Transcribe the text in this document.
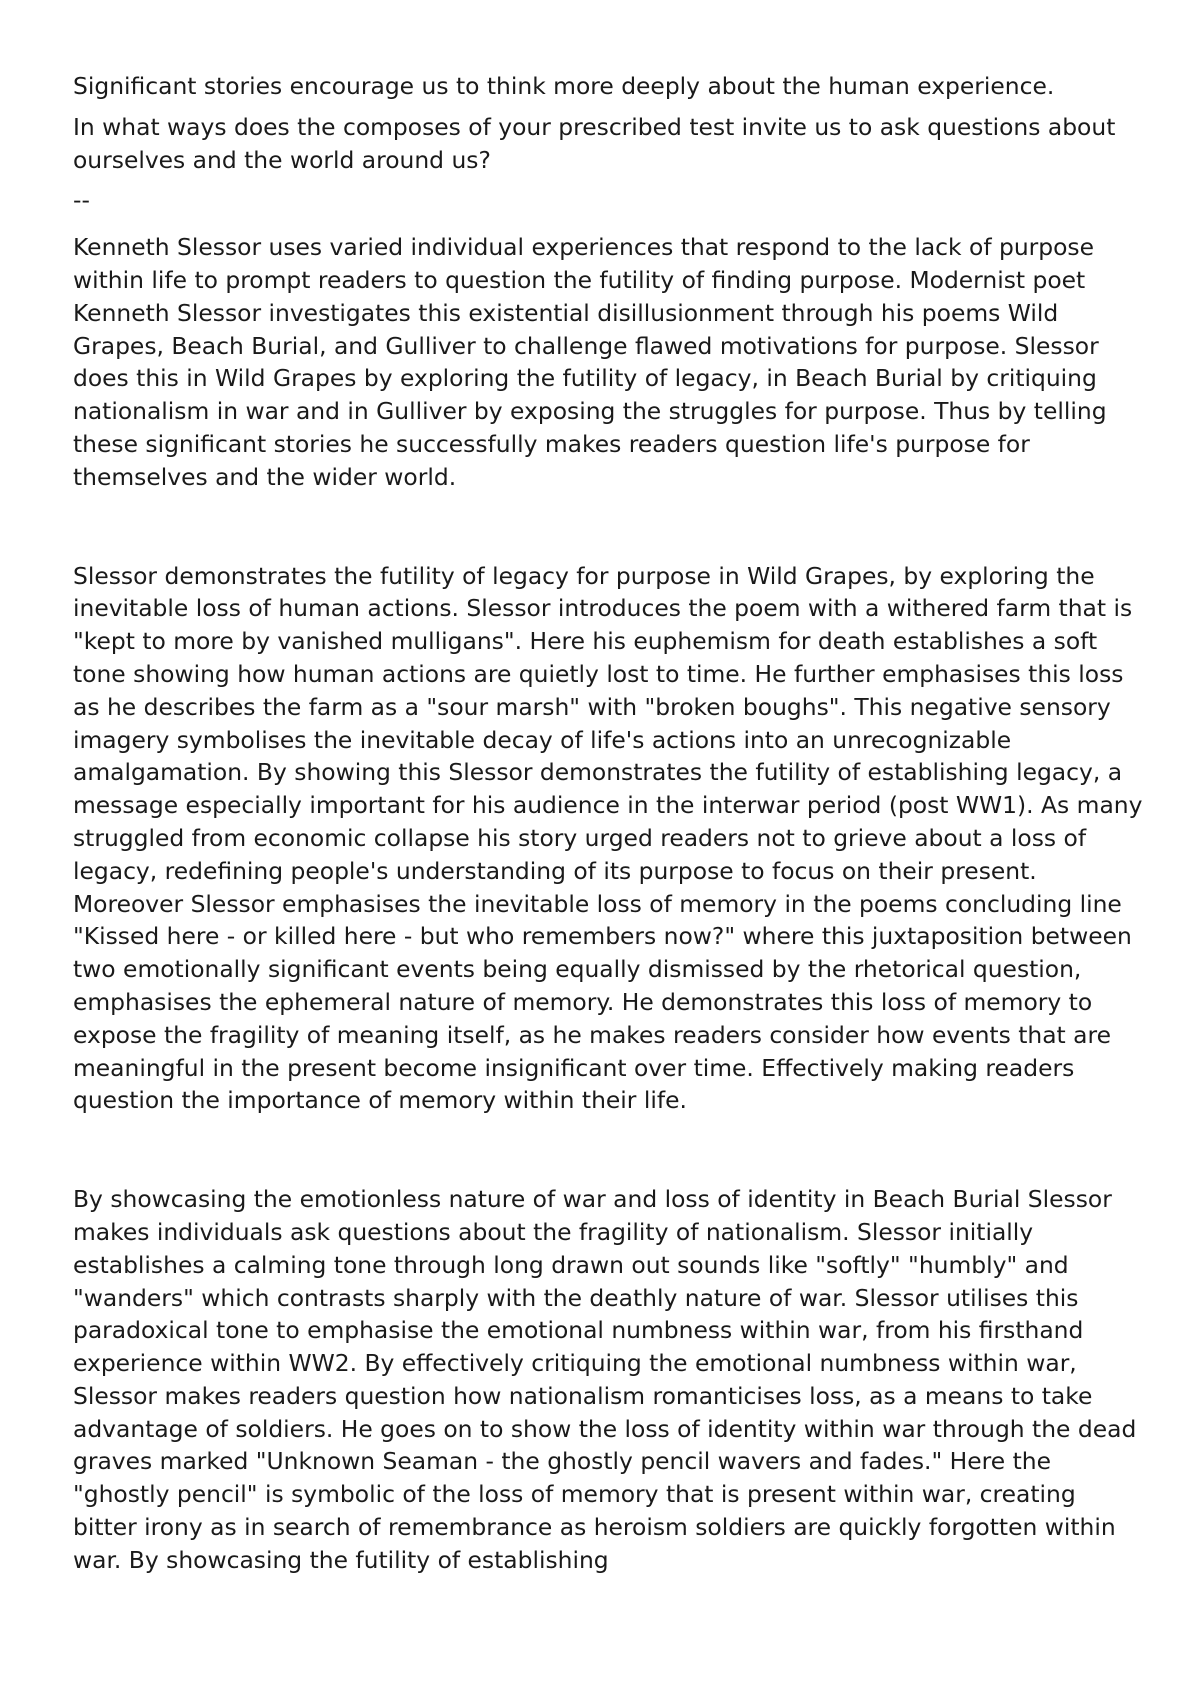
Significant stories encourage us to think more deeply about the human experience.

In what ways does the composes of your prescribed test invite us to ask questions about ourselves and the world around us?

--

Kenneth Slessor uses varied individual experiences that respond to the lack of purpose within life to prompt readers to question the futility of finding purpose. Modernist poet Kenneth Slessor investigates this existential disillusionment through his poems Wild Grapes, Beach Burial, and Gulliver to challenge flawed motivations for purpose. Slessor does this in Wild Grapes by exploring the futility of legacy, in Beach Burial by critiquing nationalism in war and in Gulliver by exposing the struggles for purpose. Thus by telling these significant stories he successfully makes readers question life's purpose for themselves and the wider world.

Slessor demonstrates the futility of legacy for purpose in Wild Grapes, by exploring the inevitable loss of human actions. Slessor introduces the poem with a withered farm that is "kept to more by vanished mulligans". Here his euphemism for death establishes a soft tone showing how human actions are quietly lost to time. He further emphasises this loss as he describes the farm as a "sour marsh" with "broken boughs". This negative sensory imagery symbolises the inevitable decay of life's actions into an unrecognizable amalgamation. By showing this Slessor demonstrates the futility of establishing legacy, a message especially important for his audience in the interwar period (post WW1). As many struggled from economic collapse his story urged readers not to grieve about a loss of legacy, redefining people's understanding of its purpose to focus on their present. Moreover Slessor emphasises the inevitable loss of memory in the poems concluding line "Kissed here - or killed here - but who remembers now?" where this juxtaposition between two emotionally significant events being equally dismissed by the rhetorical question, emphasises the ephemeral nature of memory. He demonstrates this loss of memory to expose the fragility of meaning itself, as he makes readers consider how events that are meaningful in the present become insignificant over time. Effectively making readers question the importance of memory within their life.

By showcasing the emotionless nature of war and loss of identity in Beach Burial Slessor makes individuals ask questions about the fragility of nationalism. Slessor initially establishes a calming tone through long drawn out sounds like "softly" "humbly" and "wanders" which contrasts sharply with the deathly nature of war. Slessor utilises this paradoxical tone to emphasise the emotional numbness within war, from his firsthand experience within WW2. By effectively critiquing the emotional numbness within war, Slessor makes readers question how nationalism romanticises loss, as a means to take advantage of soldiers. He goes on to show the loss of identity within war through the dead graves marked "Unknown Seaman - the ghostly pencil wavers and fades." Here the "ghostly pencil" is symbolic of the loss of memory that is present within war, creating bitter irony as in search of remembrance as heroism soldiers are quickly forgotten within war. By showcasing the futility of establishing
